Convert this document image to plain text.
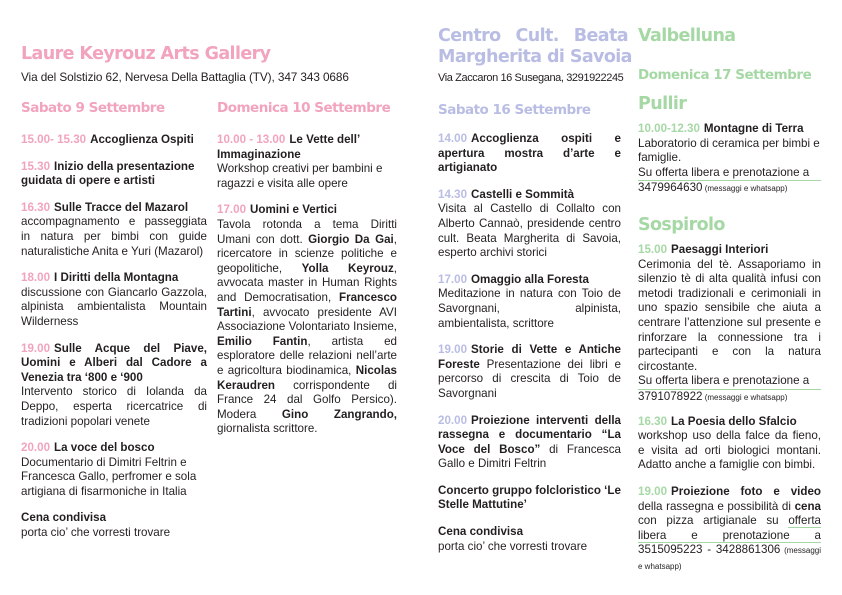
Laure Keyrouz Arts Gallery
Via del Solstizio 62, Nervesa Della Battaglia (TV), 347 343 0686
Sabato 9 Settembre	Domenica 10 Settembre

15.00- 15.30 Accoglienza Ospiti

15.30 Inizio della presentazione guidata di opere e artisti

16.30 Sulle Tracce del Mazarol
accompagnamento e passeggiata in natura per bimbi con guide naturalistiche Anita e Yuri (Mazarol)

18.00 I Diritti della Montagna
discussione con Giancarlo Gazzola, alpinista ambientalista Mountain Wilderness

19.00 Sulle Acque del Piave, Uomini e Alberi dal Cadore a Venezia tra ‘800 e ‘900
Intervento storico di Iolanda da Deppo, esperta ricercatrice di tradizioni popolari venete

20.00 La voce del bosco
Documentario di Dimitri Feltrin e Francesca Gallo, perfromer e sola artigiana di fisarmoniche in Italia

Cena condivisa
porta cio’ che vorresti trovare

10.00 - 13.00 Le Vette dell’ Immaginazione
Workshop creativi per bambini e ragazzi e visita alle opere

17.00 Uomini e Vertici
Tavola rotonda a tema Diritti Umani con dott. Giorgio Da Gai, ricercatore in scienze politiche e geopolitiche, Yolla Keyrouz, avvocata master in Human Rights and Democratisation, Francesco Tartini, avvocato presidente AVI Associazione Volontariato Insieme, Emilio Fantin, artista ed esploratore delle relazioni nell’arte e agricoltura biodinamica, Nicolas Keraudren corrispondente di France 24 dal Golfo Persico). Modera Gino Zangrando, giornalista scrittore.

Centro Cult. Beata
Margherita di Savoia
Via Zaccaron 16 Susegana, 3291922245
Sabato 16 Settembre

14.00 Accoglienza ospiti e apertura mostra d’arte e artigianato

14.30 Castelli e Sommità
Visita al Castello di Collalto con Alberto Cannaò, presidende centro cult. Beata Margherita di Savoia, esperto archivi storici

17.00 Omaggio alla Foresta
Meditazione in natura con Toio de Savorgnani, alpinista, ambientalista, scrittore

19.00 Storie di Vette e Antiche Foreste Presentazione dei libri e percorso di crescita di Toio de Savorgnani

20.00 Proiezione interventi della rassegna e documentario “La Voce del Bosco” di Francesca Gallo e Dimitri Feltrin

Concerto gruppo folcloristico ‘Le Stelle Mattutine’

Cena condivisa
porta cio’ che vorresti trovare

Valbelluna
Domenica 17 Settembre
Pullir

10.00-12.30 Montagne di Terra
Laboratorio di ceramica per bimbi e famiglie.
Su offerta libera e prenotazione a
3479964630 (messaggi e whatsapp)

Sospirolo

15.00 Paesaggi Interiori
Cerimonia del tè. Assaporiamo in silenzio tè di alta qualità infusi con metodi tradizionali e cerimoniali in uno spazio sensibile che aiuta a centrare l’attenzione sul presente e rinforzare la connessione tra i partecipanti e con la natura circostante.

Su offerta libera e prenotazione a
3791078922 (messaggi e whatsapp)

16.30 La Poesia dello Sfalcio
workshop uso della falce da fieno, e visita ad orti biologici montani. Adatto anche a famiglie con bimbi.

19.00 Proiezione foto e video della rassegna e possibilità di cena con pizza artigianale su offerta libera e prenotazione a 3515095223 - 3428861306 (messaggi e whatsapp)
